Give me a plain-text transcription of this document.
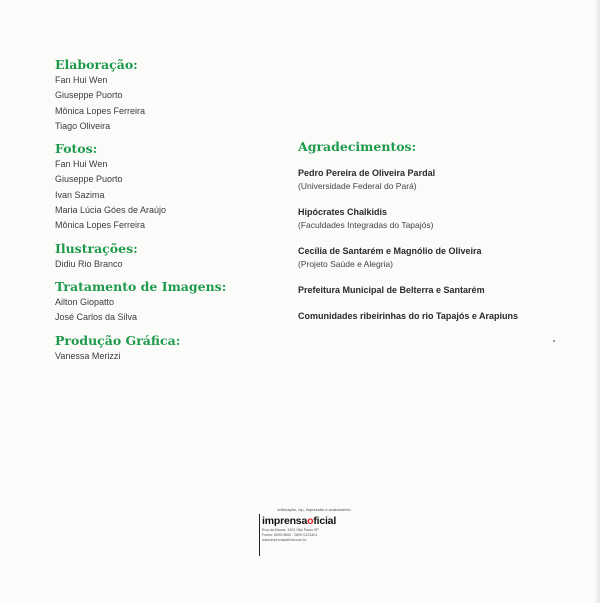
Elaboração:

Fan Hui Wen

Giuseppe Puorto

Mônica Lopes Ferreira

Tiago Oliveira

Fotos:

Fan Hui Wen

Giuseppe Puorto

Ivan Sazima

Maria Lúcia Góes de Araújo

Mônica Lopes Ferreira

Ilustrações:

Didiu Rio Branco

Tratamento de Imagens:

Ailton Giopatto

José Carlos da Silva

Produção Gráfica:

Vanessa Merizzi

Agradecimentos:

Pedro Pereira de Oliveira Pardal

(Universidade Federal do Pará)

Hipócrates Chalkidis

(Faculdades Integradas do Tapajós)

Cecília de Santarém e Magnólio de Oliveira

(Projeto Saúde e Alegria)

Prefeitura Municipal de Belterra e Santarém

Comunidades ribeirinhas do rio Tapajós e Arapiuns

editoração, ctp, impressão e acabamento

imprensaoficial

Rua da Mooca, 1921 São Paulo SP

Fones: 6099-9800 - 0800 0123401

www.imprensaoficial.com.br
